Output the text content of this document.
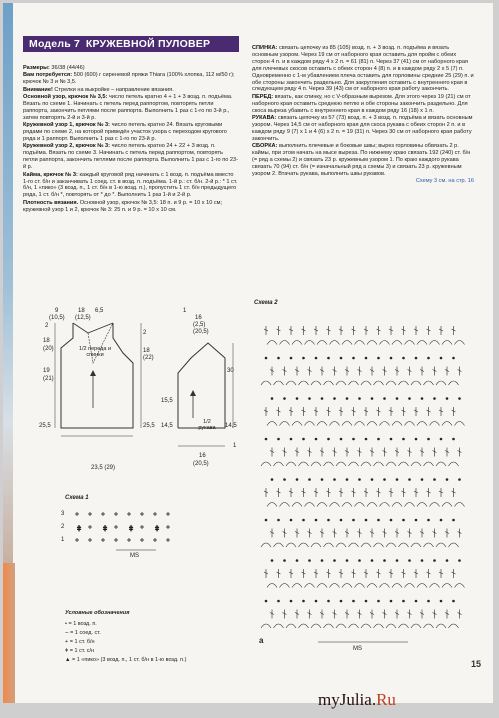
Модель 7 КРУЖЕВНОЙ ПУЛОВЕР

Размеры: 36/38 (44/46)

Вам потребуется: 500 (600) г сиреневой пряжи Thiara (100% хлопка, 112 м/50 г); крючок № 3 и № 3,5.

Внимание! Стрелки на выкройке – направление вязания.

Основной узор, крючок № 3,5: число петель кратно 4 + 1 + 3 возд. п. подъёма. Вязать по схеме 1. Начинать с петель перед раппортом, повторять петли раппорта, закончить петлями после раппорта. Выполнить 1 раз с 1-го по 3-й р., затем повторять 2-й и 3-й р.

Кружевной узор 1, крючок № 3: число петель кратно 24. Вязать круговыми рядами по схеме 2, на которой приведён участок узора с переходом кругового ряда и 1 раппорт. Выполнить 1 раз с 1-го по 23-й р.

Кружевной узор 2, крючок № 3: число петель кратно 24 + 22 + 3 возд. п. подъёма. Вязать по схеме 3. Начинать с петель перед раппортом, повторять петли раппорта, закончить петлями после раппорта. Выполнить 1 раз с 1-го по 23-й р.

Кайма, крючок № 3: каждый круговой ряд начинать с 1 возд. п. подъёма вместо 1-го ст. б/н и заканчивать 1 соед. ст. в возд. п. подъёма. 1-й р.: ст. б/н. 2-й р.: * 1 ст. б/н, 1 «пико» (3 возд. п., 1 ст. б/н в 1-ю возд. п.), пропустить 1 ст. б/н предыдущего ряда, 1 ст. б/н *, повторять от * до *. Выполнить 1 раз 1-й и 2-й р.

Плотность вязания. Основной узор, крючок № 3,5: 18 п. и 9 р. = 10 х 10 см; кружевной узор 1 и 2, крючок № 3: 25 п. и 9 р. = 10 х 10 см.

СПИНКА: связать цепочку из 85 (105) возд. п. + 3 возд. п. подъёма и вязать основным узором. Через 19 см от наборного края оставить для пройм с обеих сторон 4 п. и в каждом ряду 4 х 2 п. = 61 (81) п. Через 37 (41) см от наборного края для плечевых скосов оставить с обеих сторон 4 (8) п. и в каждом ряду 2 х 5 (7) п. Одновременно с 1-м убавлением плеча оставить для горловины средние 25 (29) п. и обе стороны закончить раздельно. Для закругления оставить с внутреннего края в следующем ряду 4 п. Через 39 (43) см от наборного края работу закончить.

ПЕРЕД: вязать, как спинку, но с V-образным вырезом. Для этого через 19 (21) см от наборного края оставить среднюю петлю и обе стороны закончить раздельно. Для скоса выреза убавить с внутреннего края в каждом ряду 16 (18) х 1 п.

РУКАВА: связать цепочку из 57 (73) возд. п. + 3 возд. п. подъёма и вязать основным узором. Через 14,5 см от наборного края для скоса рукава с обеих сторон 2 п. и в каждом ряду 9 (7) х 1 и 4 (6) х 2 п. = 19 (31) п. Через 30 см от наборного края работу закончить.

СБОРКА: выполнить плечевые и боковые швы; вырез горловины обвязать 2 р. каймы, при этом начать на мысе выреза. По нижнему краю связать 192 (240) ст. б/н (= ряд а схемы 2) и связать 23 р. кружевным узором 1. По краю каждого рукава связать 70 (94) ст. б/н (= изначальный ряд а схемы 3) и связать 23 р. кружевным узором 2. Втачать рукава, выполнить швы рукавов.

Схему 3 см. на стр. 16

1/2 переда и спинки
9	18 6,5
(10,5) (12,5)
2
18
(20)
19
(21)
25,5
2
18
(22)
25,5
23,5 (29)
1/2 рукава
1
16
(2,5)
(20,5)
30
14,5
15,5
14,5
16
(20,5)
1
Схема 1
3
2
1
ǂ	ǂ	ǂ	ǂ
MS
Условные обозначения
• = 1 возд. п.
⌢ = 1 соед. ст.
+ = 1 ст. б/н
ǂ = 1 ст. с/н
▲ = 1 «пико» (3 возд. п., 1 ст. б/н в 1-ю возд. п.)
Схема 2
а
MS
15
myJulia.Ru
